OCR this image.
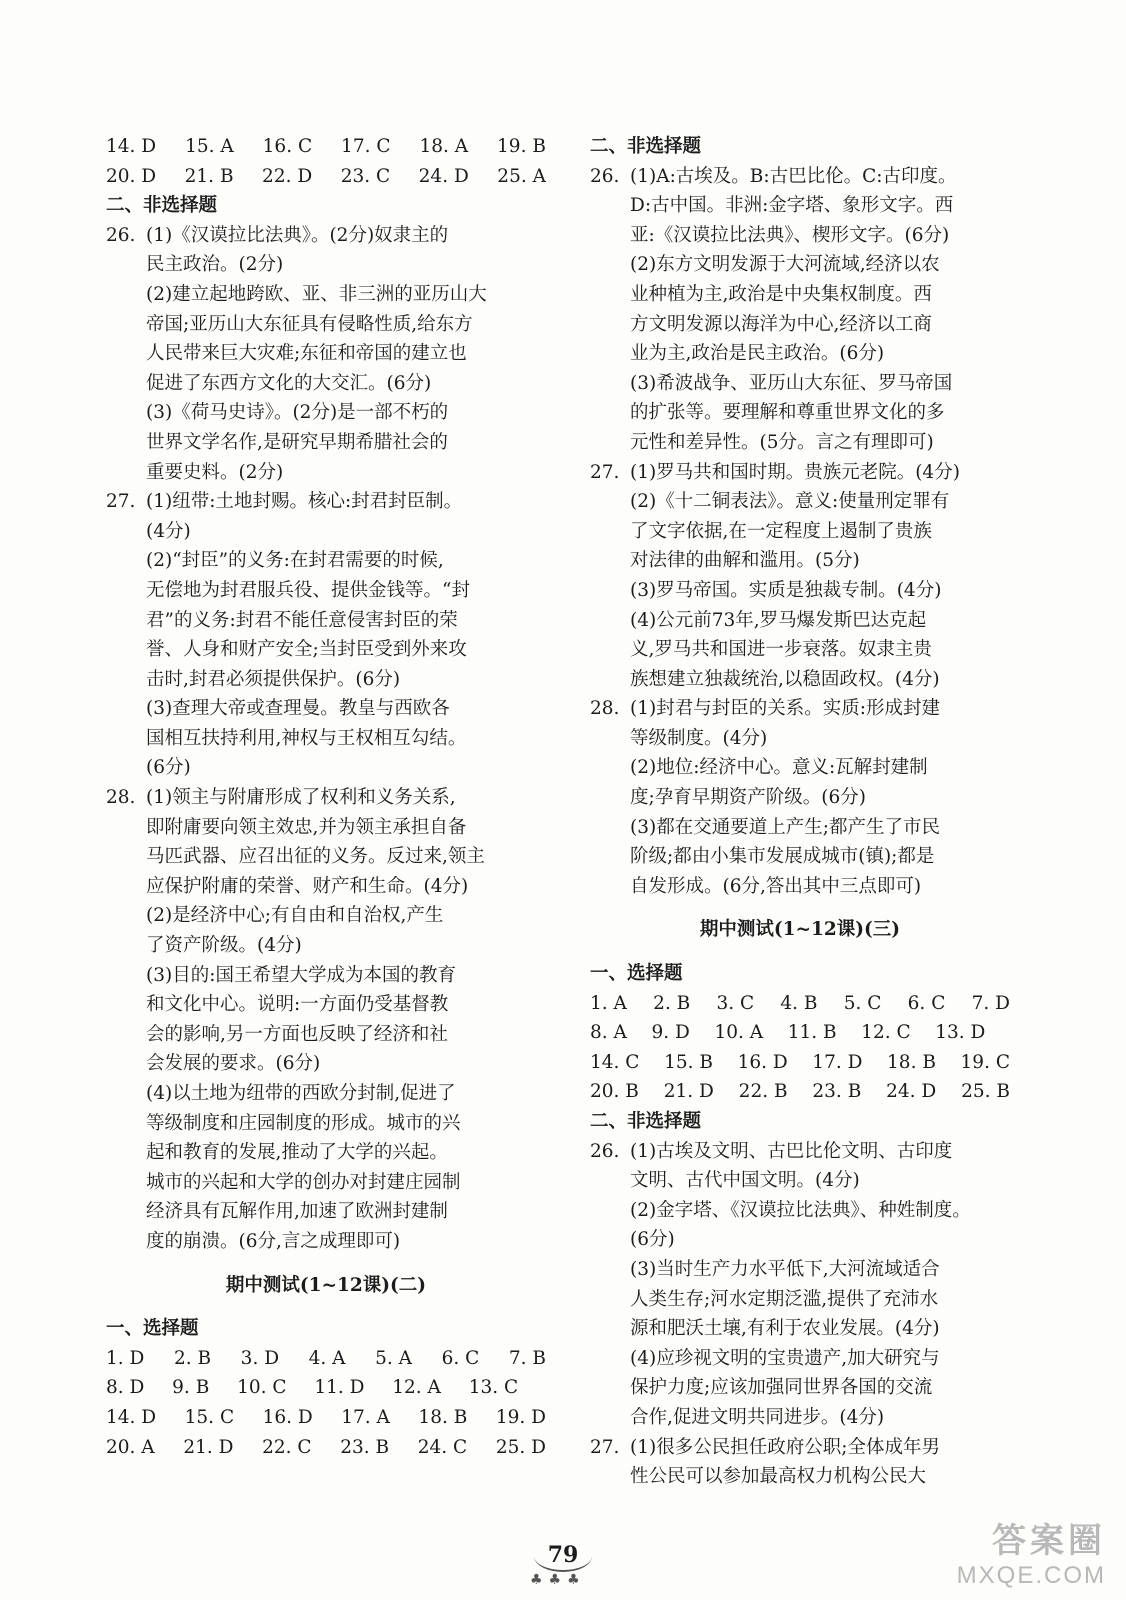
14. D 15. A 16. C 17. C 18. A 19. B
20. D 21. B 22. D 23. C 24. D 25. A
二、非选择题
26. (1)《汉谟拉比法典》。(2分)奴隶主的
民主政治。(2分)
(2)建立起地跨欧、亚、非三洲的亚历山大
帝国;亚历山大东征具有侵略性质,给东方
人民带来巨大灾难;东征和帝国的建立也
促进了东西方文化的大交汇。(6分)
(3)《荷马史诗》。(2分)是一部不朽的
世界文学名作,是研究早期希腊社会的
重要史料。(2分)
27. (1)纽带:土地封赐。核心:封君封臣制。
(4分)
(2)“封臣”的义务:在封君需要的时候,
无偿地为封君服兵役、提供金钱等。“封
君”的义务:封君不能任意侵害封臣的荣
誉、人身和财产安全;当封臣受到外来攻
击时,封君必须提供保护。(6分)
(3)查理大帝或查理曼。教皇与西欧各
国相互扶持利用,神权与王权相互勾结。
(6分)
28. (1)领主与附庸形成了权利和义务关系,
即附庸要向领主效忠,并为领主承担自备
马匹武器、应召出征的义务。反过来,领主
应保护附庸的荣誉、财产和生命。(4分)
(2)是经济中心;有自由和自治权,产生
了资产阶级。(4分)
(3)目的:国王希望大学成为本国的教育
和文化中心。说明:一方面仍受基督教
会的影响,另一方面也反映了经济和社
会发展的要求。(6分)
(4)以土地为纽带的西欧分封制,促进了
等级制度和庄园制度的形成。城市的兴
起和教育的发展,推动了大学的兴起。
城市的兴起和大学的创办对封建庄园制
经济具有瓦解作用,加速了欧洲封建制
度的崩溃。(6分,言之成理即可)
期中测试(1~12课)(二)
一、选择题
1. D 2. B 3. D 4. A 5. A 6. C 7. B
8. D 9. B 10. C 11. D 12. A 13. C
14. D 15. C 16. D 17. A 18. B 19. D
20. A 21. D 22. C 23. B 24. C 25. D
二、非选择题
26. (1)A:古埃及。B:古巴比伦。C:古印度。
D:古中国。非洲:金字塔、象形文字。西
亚:《汉谟拉比法典》、楔形文字。(6分)
(2)东方文明发源于大河流域,经济以农
业种植为主,政治是中央集权制度。西
方文明发源以海洋为中心,经济以工商
业为主,政治是民主政治。(6分)
(3)希波战争、亚历山大东征、罗马帝国
的扩张等。要理解和尊重世界文化的多
元性和差异性。(5分。言之有理即可)
27. (1)罗马共和国时期。贵族元老院。(4分)
(2)《十二铜表法》。意义:使量刑定罪有
了文字依据,在一定程度上遏制了贵族
对法律的曲解和滥用。(5分)
(3)罗马帝国。实质是独裁专制。(4分)
(4)公元前73年,罗马爆发斯巴达克起
义,罗马共和国进一步衰落。奴隶主贵
族想建立独裁统治,以稳固政权。(4分)
28. (1)封君与封臣的关系。实质:形成封建
等级制度。(4分)
(2)地位:经济中心。意义:瓦解封建制
度;孕育早期资产阶级。(6分)
(3)都在交通要道上产生;都产生了市民
阶级;都由小集市发展成城市(镇);都是
自发形成。(6分,答出其中三点即可)
期中测试(1~12课)(三)
一、选择题
1. A 2. B 3. C 4. B 5. C 6. C 7. D
8. A 9. D 10. A 11. B 12. C 13. D
14. C 15. B 16. D 17. D 18. B 19. C
20. B 21. D 22. B 23. B 24. D 25. B
二、非选择题
26. (1)古埃及文明、古巴比伦文明、古印度
文明、古代中国文明。(4分)
(2)金字塔、《汉谟拉比法典》、种姓制度。
(6分)
(3)当时生产力水平低下,大河流域适合
人类生存;河水定期泛滥,提供了充沛水
源和肥沃土壤,有利于农业发展。(4分)
(4)应珍视文明的宝贵遗产,加大研究与
保护力度;应该加强同世界各国的交流
合作,促进文明共同进步。(4分)
27. (1)很多公民担任政府公职;全体成年男
性公民可以参加最高权力机构公民大
79
♣♣♣
答案圈
MXQE.COM
